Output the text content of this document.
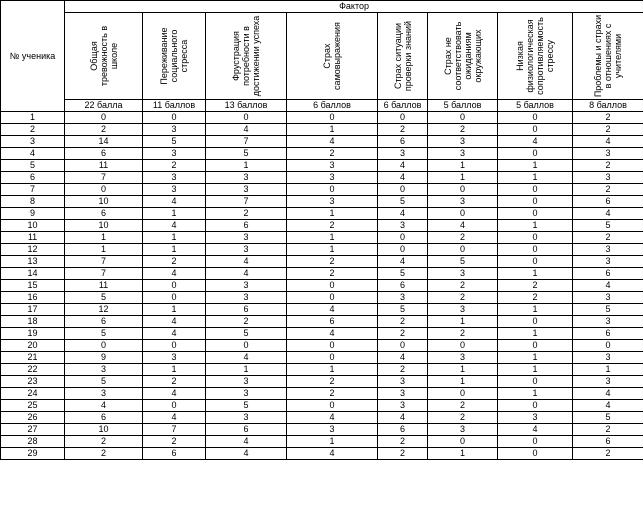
№ ученика	Фактор							

	Общая тревожность в школе	Переживание социального стресса	Фрустрация потребности в достижении успеха	Страх самовыражения	Страх ситуации проверки знаний	Страх не соответствовать ожиданиям окружающих	Низкая физиологическая сопротивляемость стрессу	Проблемы и страхи в отношениях с учителями

	22 балла	11 баллов	13 баллов	6 баллов	6 баллов	5 баллов	5 баллов	8 баллов
1	0	0	0	0	0	0	0	2
2	2	3	4	1	2	2	0	2
3	14	5	7	4	6	3	4	4
4	6	3	5	2	3	3	0	3
5	11	2	1	3	4	1	1	2
6	7	3	3	3	4	1	1	3
7	0	3	3	0	0	0	0	2
8	10	4	7	3	5	3	0	6
9	6	1	2	1	4	0	0	4
10	10	4	6	2	3	4	1	5
11	1	1	3	1	0	2	0	2
12	1	1	3	1	0	0	0	3
13	7	2	4	2	4	5	0	3
14	7	4	4	2	5	3	1	6
15	11	0	3	0	6	2	2	4
16	5	0	3	0	3	2	2	3
17	12	1	6	4	5	3	1	5
18	6	4	2	6	2	1	0	3
19	5	4	5	4	2	2	1	6
20	0	0	0	0	0	0	0	0
21	9	3	4	0	4	3	1	3
22	3	1	1	1	2	1	1	1
23	5	2	3	2	3	1	0	3
24	3	4	3	2	3	0	1	4
25	4	0	5	0	3	2	0	4
26	6	4	3	4	4	2	3	5
27	10	7	6	3	6	3	4	2
28	2	2	4	1	2	0	0	6
29	2	6	4	4	2	1	0	2
